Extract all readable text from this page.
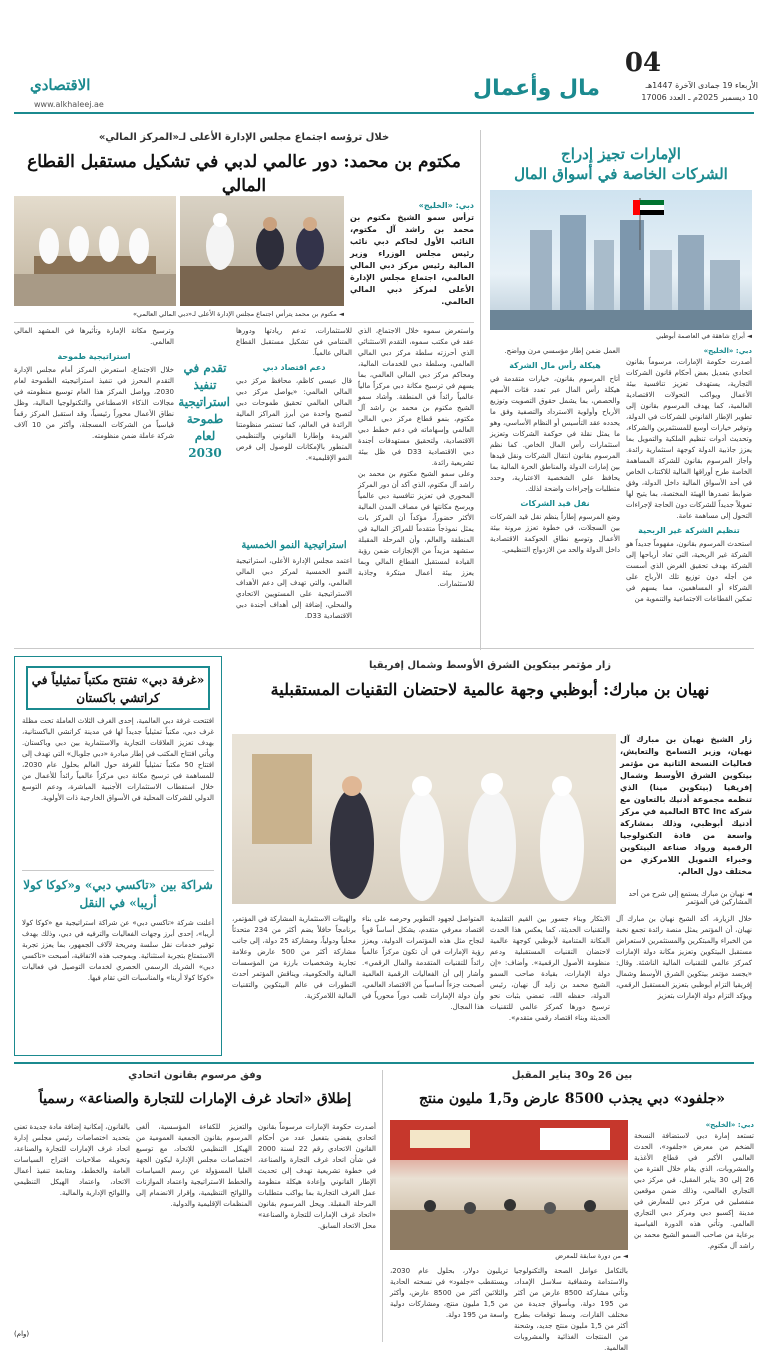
04
الأربعاء 19 جمادى الآخرة 1447هـ
10 ديسمبر 2025م ـ العدد 17006
مال وأعمال
الاقتصادي
www.alkhaleej.ae
الإمارات تجيز إدراج
الشركات الخاصة في أسواق المال
◄ أبراج شاهقة في العاصمة أبوظبي
دبي: «الخليج»

أصدرت حكومة الإمارات، مرسوماً بقانون اتحادي بتعديل بعض أحكام قانون الشركات التجارية، يستهدف تعزيز تنافسية بيئة الأعمال ويواكب التحولات الاقتصادية العالمية، كما يهدف المرسوم بقانون إلى تطوير الإطار القانوني للشركات في الدولة، وتوفير خيارات أوسع للمستثمرين والشركاء، وتحديث أدوات تنظيم الملكية والتمويل بما يعزز جاذبية الدولة كوجهة استثمارية رائدة. وأجاز المرسوم بقانون للشركة المساهمة الخاصة طرح أوراقها المالية للاكتتاب الخاص في أحد الأسواق المالية داخل الدولة، وفق ضوابط تصدرها الهيئة المختصة، بما يتيح لها تمويلاً جديداً للشركات دون الحاجة لإجراءات التحول إلى مساهمة عامة.

تنظيم الشركة غير الربحية

استحدث المرسوم بقانون، مفهوماً جديداً هو الشركة غير الربحية، التي تعاد أرباحها إلى الشركة بهدف تحقيق الغرض الذي أسست من أجله دون توزيع تلك الأرباح على الشركاء أو المساهمين، مما يسهم في تمكين القطاعات الاجتماعية والتنموية من

العمل ضمن إطار مؤسسي مرن وواضح.

هيكلة رأس مال الشركة

أتاح المرسوم بقانون، خيارات متقدمة في هيكلة رأس المال عبر تعدد فئات الأسهم والحصص، بما يشمل حقوق التصويت وتوزيع الأرباح وأولوية الاسترداد والتصفية وفق ما يحدده عقد التأسيس أو النظام الأساسي، وهو ما يمثل نقلة في حوكمة الشركات وتعزيز استثمارات رأس المال الخاص. كما نظم المرسوم بقانون انتقال الشركات ونقل قيدها بين إمارات الدولة والمناطق الحرة المالية بما يحافظ على الشخصية الاعتبارية، وحدد متطلبات وإجراءات واضحة لذلك.

نقل قيد الشركات

وضع المرسوم إطاراً ينظم نقل قيد الشركات بين السجلات، في خطوة تعزز مرونة بيئة الأعمال وتوسع نطاق الحوكمة الاقتصادية داخل الدولة والحد من الازدواج التنظيمي.

خلال ترؤسه اجتماع مجلس الإدارة الأعلى لـ«المركز المالي»
مكتوم بن محمد: دور عالمي لدبي في تشكيل مستقبل القطاع المالي
دبي: «الخليج»

ترأس سمو الشيخ مكتوم بن محمد بن راشد آل مكتوم، النائب الأول لحاكم دبي نائب رئيس مجلس الوزراء وزير المالية رئيس مركز دبي المالي العالمي، اجتماع مجلس الإدارة الأعلى لمركز دبي المالي العالمي.

◄ مكتوم بن محمد يترأس اجتماع مجلس الإدارة الأعلى لـ«دبي المالي العالمي»

واستعرض سموه خلال الاجتماع، الذي عقد في مكتب سموه، التقدم الاستثنائي الذي أحرزته سلطة مركز دبي المالي العالمي، وسلطة دبي للخدمات المالية، ومحاكم مركز دبي المالي العالمي، بما يسهم في ترسيخ مكانة دبي مركزاً مالياً عالمياً رائداً في المنطقة. وأشاد سمو الشيخ مكتوم بن محمد بن راشد آل مكتوم، بنمو قطاع مركز دبي المالي العالمي وإسهاماته في دعم خطط دبي الاقتصادية، ولتحقيق مستهدفات أجندة دبي الاقتصادية D33 في ظل بيئة تشريعية رائدة.

وعلى سمو الشيخ مكتوم بن محمد بن راشد آل مكتوم، الذي أكد أن دور المركز المحوري في تعزيز تنافسية دبي عالمياً ويرسخ مكانتها في مصاف المدن المالية الأكثر حضوراً، مؤكداً أن المركز بات يمثل نموذجاً متقدماً للمراكز المالية في المنطقة والعالم، وأن المرحلة المقبلة ستشهد مزيداً من الإنجازات ضمن رؤية القيادة لمستقبل القطاع المالي وبما يعزز بيئة أعمال مبتكرة وجاذبة للاستثمارات.

للاستثمارات، تدعم ريادتها ودورها المتنامي في تشكيل مستقبل القطاع المالي عالمياً.

دعم اقتصاد دبي

قال عيسى كاظم، محافظ مركز دبي المالي العالمي: «يواصل مركز دبي المالي العالمي تحقيق طموحات دبي لتصبح واحدة من أبرز المراكز المالية الرائدة في العالم، كما تستمر منظومتنا الفريدة وإطارنا القانوني والتنظيمي المتطور بالإمكانات للوصول إلى فرص النمو الإقليمية».

استراتيجية النمو الخمسية
اعتمد مجلس الإدارة الأعلى، استراتيجية النمو الخمسية لمركز دبي المالي العالمي، والتي تهدف إلى دعم الأهداف الاستراتيجية على المستويين الاتحادي والمحلي، إضافة إلى أهداف أجندة دبي الاقتصادية D33.
تقدم في تنفيذ استراتيجية طموحة لعام 2030

وترسيخ مكانة الإمارة وتأثيرها في المشهد المالي العالمي.

استراتيجية طموحة

خلال الاجتماع، استعرض المركز أمام مجلس الإدارة التقدم المحرز في تنفيذ استراتيجيته الطموحة لعام 2030، وواصل المركز هذا العام توسيع منظومته في مجالات الذكاء الاصطناعي والتكنولوجيا المالية، وظل نطاق الأعمال محوراً رئيسياً، وقد استقبل المركز رقماً قياسياً من الشركات المسجلة، وأكثر من 10 آلاف شركة عاملة ضمن منظومته.

زار مؤتمر بيتكوين الشرق الأوسط وشمال إفريقيا
نهيان بن مبارك: أبوظبي وجهة عالمية لاحتضان التقنيات المستقبلية
زار الشيخ نهيان بن مبارك آل نهيان، وزير التسامح والتعايش، فعاليات النسخة الثانية من مؤتمر بيتكوين الشرق الأوسط وشمال إفريقيا (بيتكوين مينا) الذي تنظمه مجموعة أدنيك بالتعاون مع شركة BTC Inc العالمية في مركز أدنيك أبوظبي، وذلك بمشاركة واسعة من قادة التكنولوجيا الرقمية ورواد صناعة البيتكوين وخبراء التمويل اللامركزي من مختلف دول العالم.
◄ نهيان بن مبارك يستمع إلى شرح من أحد المشاركين في المؤتمر
خلال الزيارة، أكد الشيخ نهيان بن مبارك آل نهيان، أن المؤتمر يمثل منصة رائدة تجمع نخبة من الخبراء والمبتكرين والمستثمرين لاستعراض مستقبل البيتكوين وتعزيز مكانة دولة الإمارات كمركز عالمي للتقنيات المالية الناشئة. وقال: «يجسد مؤتمر بيتكوين الشرق الأوسط وشمال إفريقيا التزام أبوظبي بتعزيز المستقبل الرقمي، ويؤكد التزام دولة الإمارات بتعزيز
الابتكار وبناء جسور بين القيم التقليدية والتقنيات الحديثة، كما يعكس هذا الحدث المكانة المتنامية لأبوظبي كوجهة عالمية لاحتضان التقنيات المستقبلية ودعم منظومة الأصول الرقمية». وأضاف: «إن دولة الإمارات، بقيادة صاحب السمو الشيخ محمد بن زايد آل نهيان، رئيس الدولة، حفظه الله، تمضي بثبات نحو ترسيخ دورها كمركز عالمي للتقنيات الحديثة وبناء اقتصاد رقمي متقدم».
المتواصل لجهود التطوير وحرصه على بناء اقتصاد معرفي متقدم، يشكل أساساً قوياً لنجاح مثل هذه المؤتمرات الدولية، ويعزز رؤية الإمارات في أن تكون مركزاً عالمياً رائداً للتقنيات المتقدمة والمال الرقمي». وأشار إلى أن الفعاليات الرقمية العالمية أصبحت جزءاً أساسياً من الاقتصاد العالمي، وأن دولة الإمارات تلعب دوراً محورياً في هذا المجال.
والهيئات الاستثمارية المشاركة في المؤتمر، برنامجاً حافلاً يضم أكثر من 234 متحدثاً محلياً ودولياً، ومشاركة 25 دولة، إلى جانب مشاركة أكثر من 500 عارض وعلامة تجارية وشخصيات بارزة من المؤسسات المالية والحكومية، ويناقش المؤتمر أحدث التطورات في عالم البيتكوين والتقنيات المالية اللامركزية.
«غرفة دبي» تفتتح مكتباً تمثيلياً في كراتشي باكستان
افتتحت غرفة دبي العالمية، إحدى الغرف الثلاث العاملة تحت مظلة غرف دبي، مكتباً تمثيلياً جديداً لها في مدينة كراتشي الباكستانية، بهدف تعزيز العلاقات التجارية والاستثمارية بين دبي وباكستان. ويأتي افتتاح المكتب في إطار مبادرة «دبي جلوبال» التي تهدف إلى افتتاح 50 مكتباً تمثيلياً للغرفة حول العالم بحلول عام 2030، للمساهمة في ترسيخ مكانة دبي مركزاً عالمياً رائداً للأعمال من خلال استقطاب الاستثمارات الأجنبية المباشرة، ودعم التوسع الدولي للشركات المحلية في الأسواق الخارجية ذات الأولوية.
شراكة بين «تاكسي دبي» و«كوكا كولا أريبا» في النقل
أعلنت شركة «تاكسي دبي» عن شراكة استراتيجية مع «كوكا كولا أريبا»، إحدى أبرز وجهات الفعاليات والترفيه في دبي، وذلك بهدف توفير خدمات نقل سلسة ومريحة لآلاف الجمهور، بما يعزز تجربة الاستمتاع بتجربة استثنائية. وبموجب هذه الاتفاقية، أصبحت «تاكسي دبي» الشريك الرسمي الحصري لخدمات التوصيل في فعاليات «كوكا كولا أرينا» والمناسبات التي تقام فيها.
بين 26 و30 يناير المقبل
«جلفود» دبي يجذب 8500 عارض و1,5 مليون منتج
دبي: «الخليج»

تستعد إمارة دبي لاستضافة النسخة الضخم من معرض «جلفود»، الحدث العالمي الأكبر في قطاع الأغذية والمشروبات، الذي يقام خلال الفترة من 26 إلى 30 يناير المقبل، في مركز دبي التجاري العالمي، وذلك ضمن موقعين منفصلين في مركز دبي للمعارض في مدينة إكسبو دبي ومركز دبي التجاري العالمي. وتأتي هذه الدورة القياسية برعاية من صاحب السمو الشيخ محمد بن راشد آل مكتوم.

◄ من دورة سابقة للمعرض
بالتكامل عوامل الصحة والتكنولوجيا والاستدامة وشفافية سلاسل الإمداد، وتأتي مشاركة 8500 عارض من أكثر من 195 دولة، وبأسواق جديدة من مختلف القارات، وسط توقعات بطرح أكثر من 1,5 مليون منتج جديد، وشحنة من المنتجات الغذائية والمشروبات العالمية.
تريليون دولار، بحلول عام 2030، ويستقطب «جلفود» في نسخته الحادية والثلاثين أكثر من 8500 عارض، وأكثر من 1,5 مليون منتج، ومشاركات دولية واسعة من 195 دولة.
وفق مرسوم بقانون اتحادي
إطلاق «اتحاد غرف الإمارات للتجارة والصناعة» رسمياً
أصدرت حكومة الإمارات مرسوماً بقانون اتحادي يقضي بتفعيل عدد من أحكام القانون الاتحادي رقم 22 لسنة 2000 في شأن اتحاد غرف التجارة والصناعة، في خطوة تشريعية تهدف إلى تحديث الإطار القانوني وإعادة هيكلة منظومة عمل الغرف التجارية بما يواكب متطلبات المرحلة المقبلة. ويحل المرسوم بقانون «اتحاد غرف الإمارات للتجارة والصناعة» محل الاتحاد السابق.
والتعزيز للكفاءة المؤسسية، ألغى المرسوم بقانون الجمعية العمومية من الهيكل التنظيمي للاتحاد، مع توسيع اختصاصات مجلس الإدارة ليكون الجهة العليا المسؤولة عن رسم السياسات والخطط الاستراتيجية واعتماد الموازنات واللوائح التنظيمية، وإقرار الانضمام إلى المنظمات الإقليمية والدولية.
بالقانون، إمكانية إضافة مادة جديدة تعنى بتحديد اختصاصات رئيس مجلس إدارة اتحاد غرف الإمارات للتجارة والصناعة، وتخويله صلاحيات اقتراح السياسات العامة والخطط، ومتابعة تنفيذ أعمال الاتحاد، واعتماد الهيكل التنظيمي واللوائح الإدارية والمالية.
(وام)
